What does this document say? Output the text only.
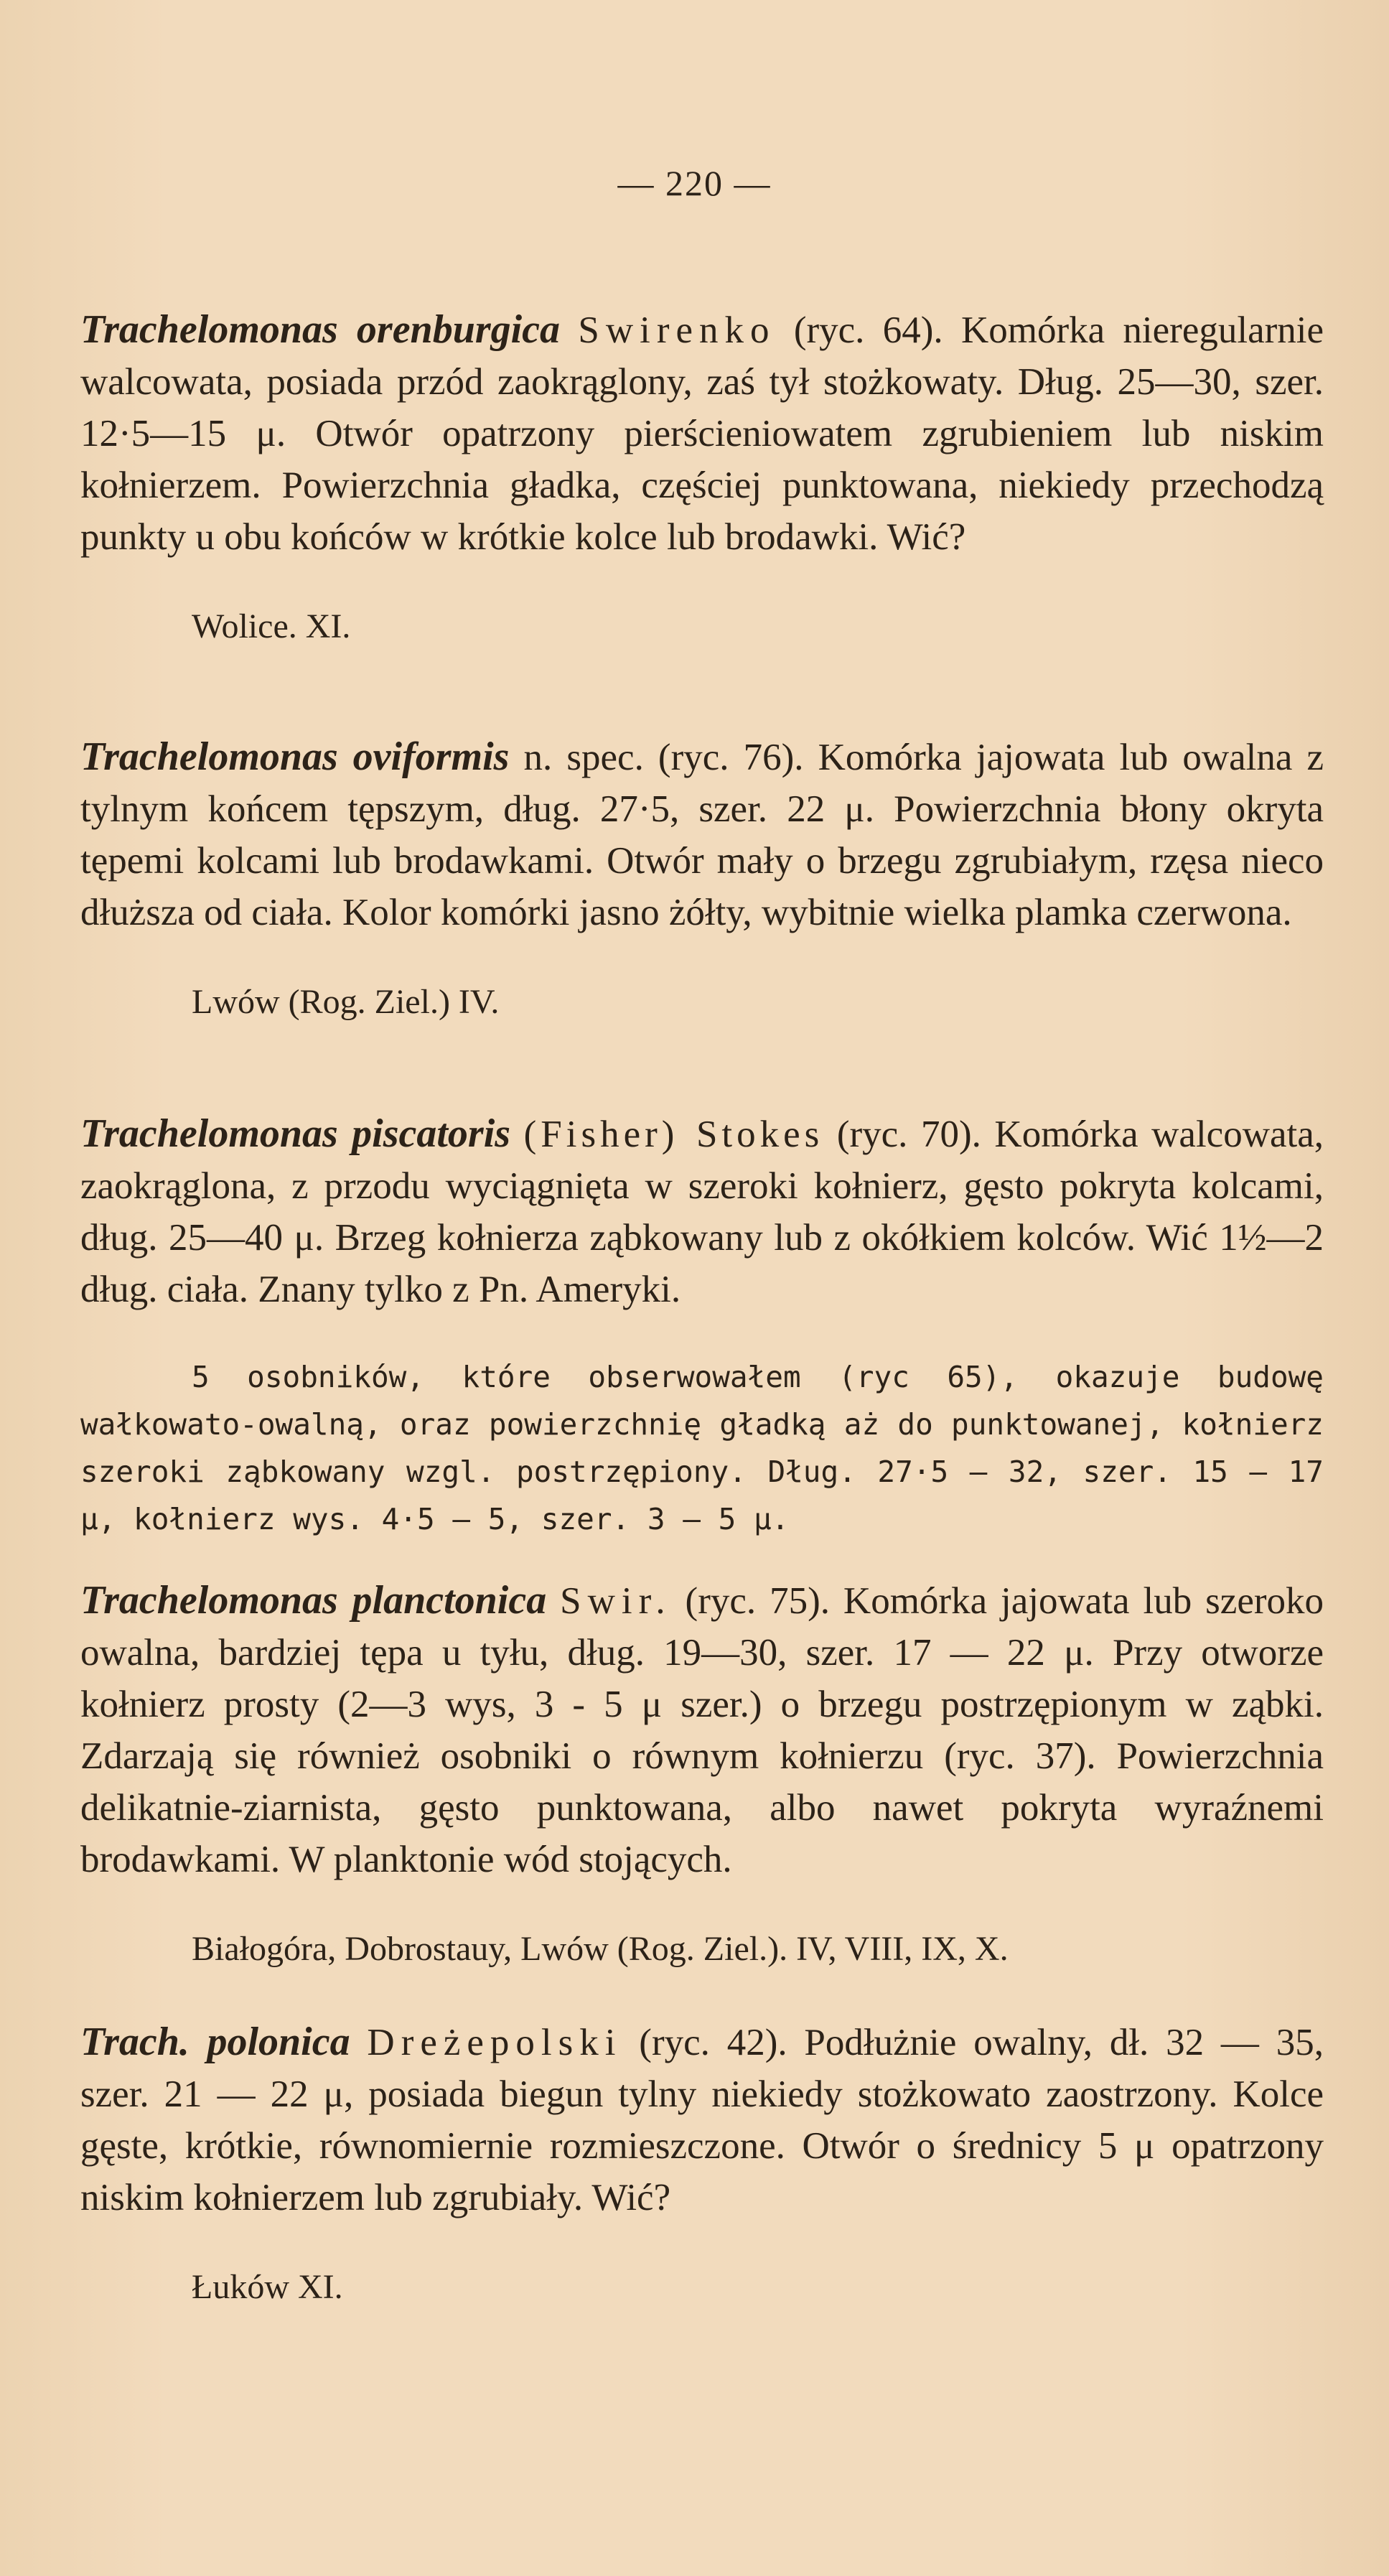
— 220 —

Trachelomonas orenburgica Swirenko (ryc. 64). Komórka nieregularnie walcowata, posiada przód zaokrąglony, zaś tył stożkowaty. Dług. 25—30, szer. 12·5—15 μ. Otwór opatrzony pierścieniowatem zgrubieniem lub niskim kołnierzem. Powierzchnia gładka, częściej punktowana, niekiedy przechodzą punkty u obu końców w krótkie kolce lub brodawki. Wić?

Wolice. XI.

Trachelomonas oviformis n. spec. (ryc. 76). Komórka jajowata lub owalna z tylnym końcem tępszym, dług. 27·5, szer. 22 μ. Powierzchnia błony okryta tępemi kolcami lub brodawkami. Otwór mały o brzegu zgrubiałym, rzęsa nieco dłuższa od ciała. Kolor komórki jasno żółty, wybitnie wielka plamka czerwona.

Lwów (Rog. Ziel.) IV.

Trachelomonas piscatoris (Fisher) Stokes (ryc. 70). Komórka walcowata, zaokrąglona, z przodu wyciągnięta w szeroki kołnierz, gęsto pokryta kolcami, dług. 25—40 μ. Brzeg kołnierza ząbkowany lub z okółkiem kolców. Wić 1½—2 dług. ciała. Znany tylko z Pn. Ameryki.

5 osobników, które obserwowałem (ryc 65), okazuje budowę wałkowato-owalną, oraz powierzchnię gładką aż do punktowanej, kołnierz szeroki ząbkowany wzgl. postrzępiony. Dług. 27·5 — 32, szer. 15 — 17 μ, kołnierz wys. 4·5 — 5, szer. 3 — 5 μ.

Trachelomonas planctonica Swir. (ryc. 75). Komórka jajowata lub szeroko owalna, bardziej tępa u tyłu, dług. 19—30, szer. 17 — 22 μ. Przy otworze kołnierz prosty (2—3 wys, 3 - 5 μ szer.) o brzegu postrzępionym w ząbki. Zdarzają się również osobniki o równym kołnierzu (ryc. 37). Powierzchnia delikatnie-ziarnista, gęsto punktowana, albo nawet pokryta wyraźnemi brodawkami. W planktonie wód stojących.

Białogóra, Dobrostauy, Lwów (Rog. Ziel.). IV, VIII, IX, X.

Trach. polonica Dreżepolski (ryc. 42). Podłużnie owalny, dł. 32 — 35, szer. 21 — 22 μ, posiada biegun tylny niekiedy stożkowato zaostrzony. Kolce gęste, krótkie, równomiernie rozmieszczone. Otwór o średnicy 5 μ opatrzony niskim kołnierzem lub zgrubiały. Wić?

Łuków XI.
